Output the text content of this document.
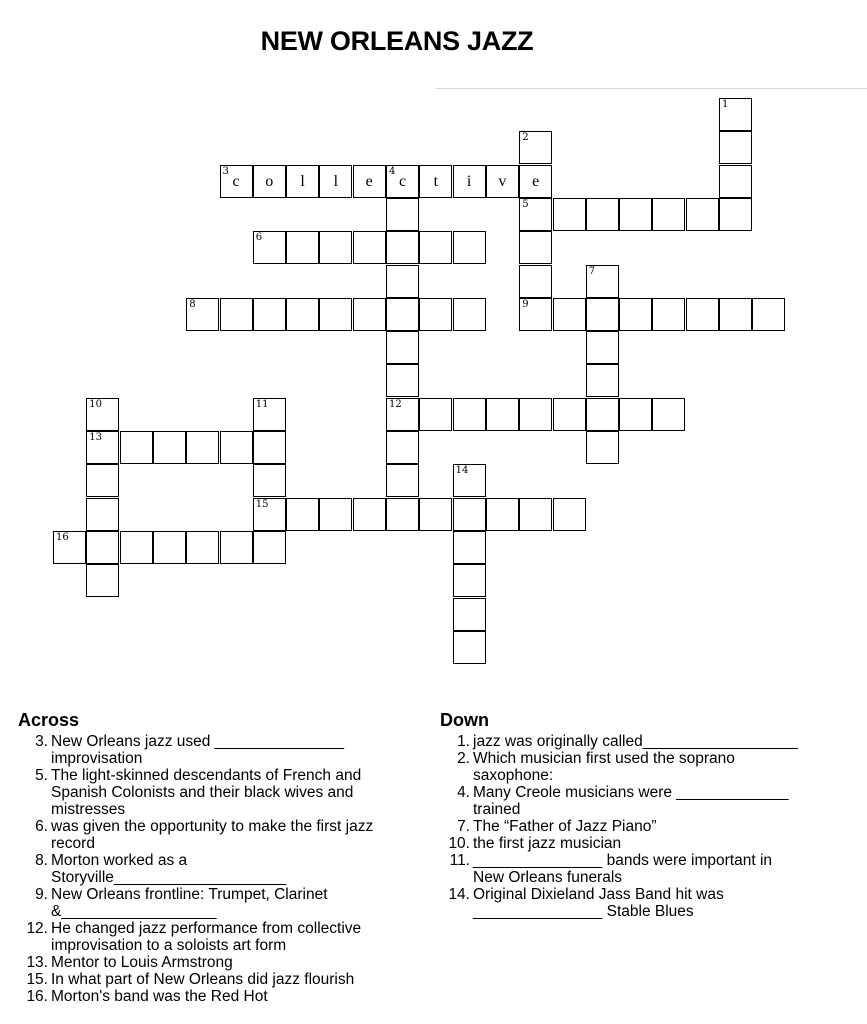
NEW ORLEANS JAZZ
1
2
e
5
9
3
c	o	l	l	e
4
c	t	i	v
12
6
7
8
10
13
11
15
14
16
Across
3. New Orleans jazz used _______________
improvisation
5. The light-skinned descendants of French and
Spanish Colonists and their black wives and
mistresses
6. was given the opportunity to make the first jazz
record
8. Morton worked as a
Storyville____________________
9. New Orleans frontline: Trumpet, Clarinet
&__________________
12. He changed jazz performance from collective
improvisation to a soloists art form
13. Mentor to Louis Armstrong
15. In what part of New Orleans did jazz flourish
16. Morton's band was the Red Hot
Down
1. jazz was originally called__________________
2. Which musician first used the soprano
saxophone:
4. Many Creole musicians were _____________
trained
7. The “Father of Jazz Piano”
10. the first jazz musician
11. _______________ bands were important in
New Orleans funerals
14. Original Dixieland Jass Band hit was
_______________ Stable Blues
